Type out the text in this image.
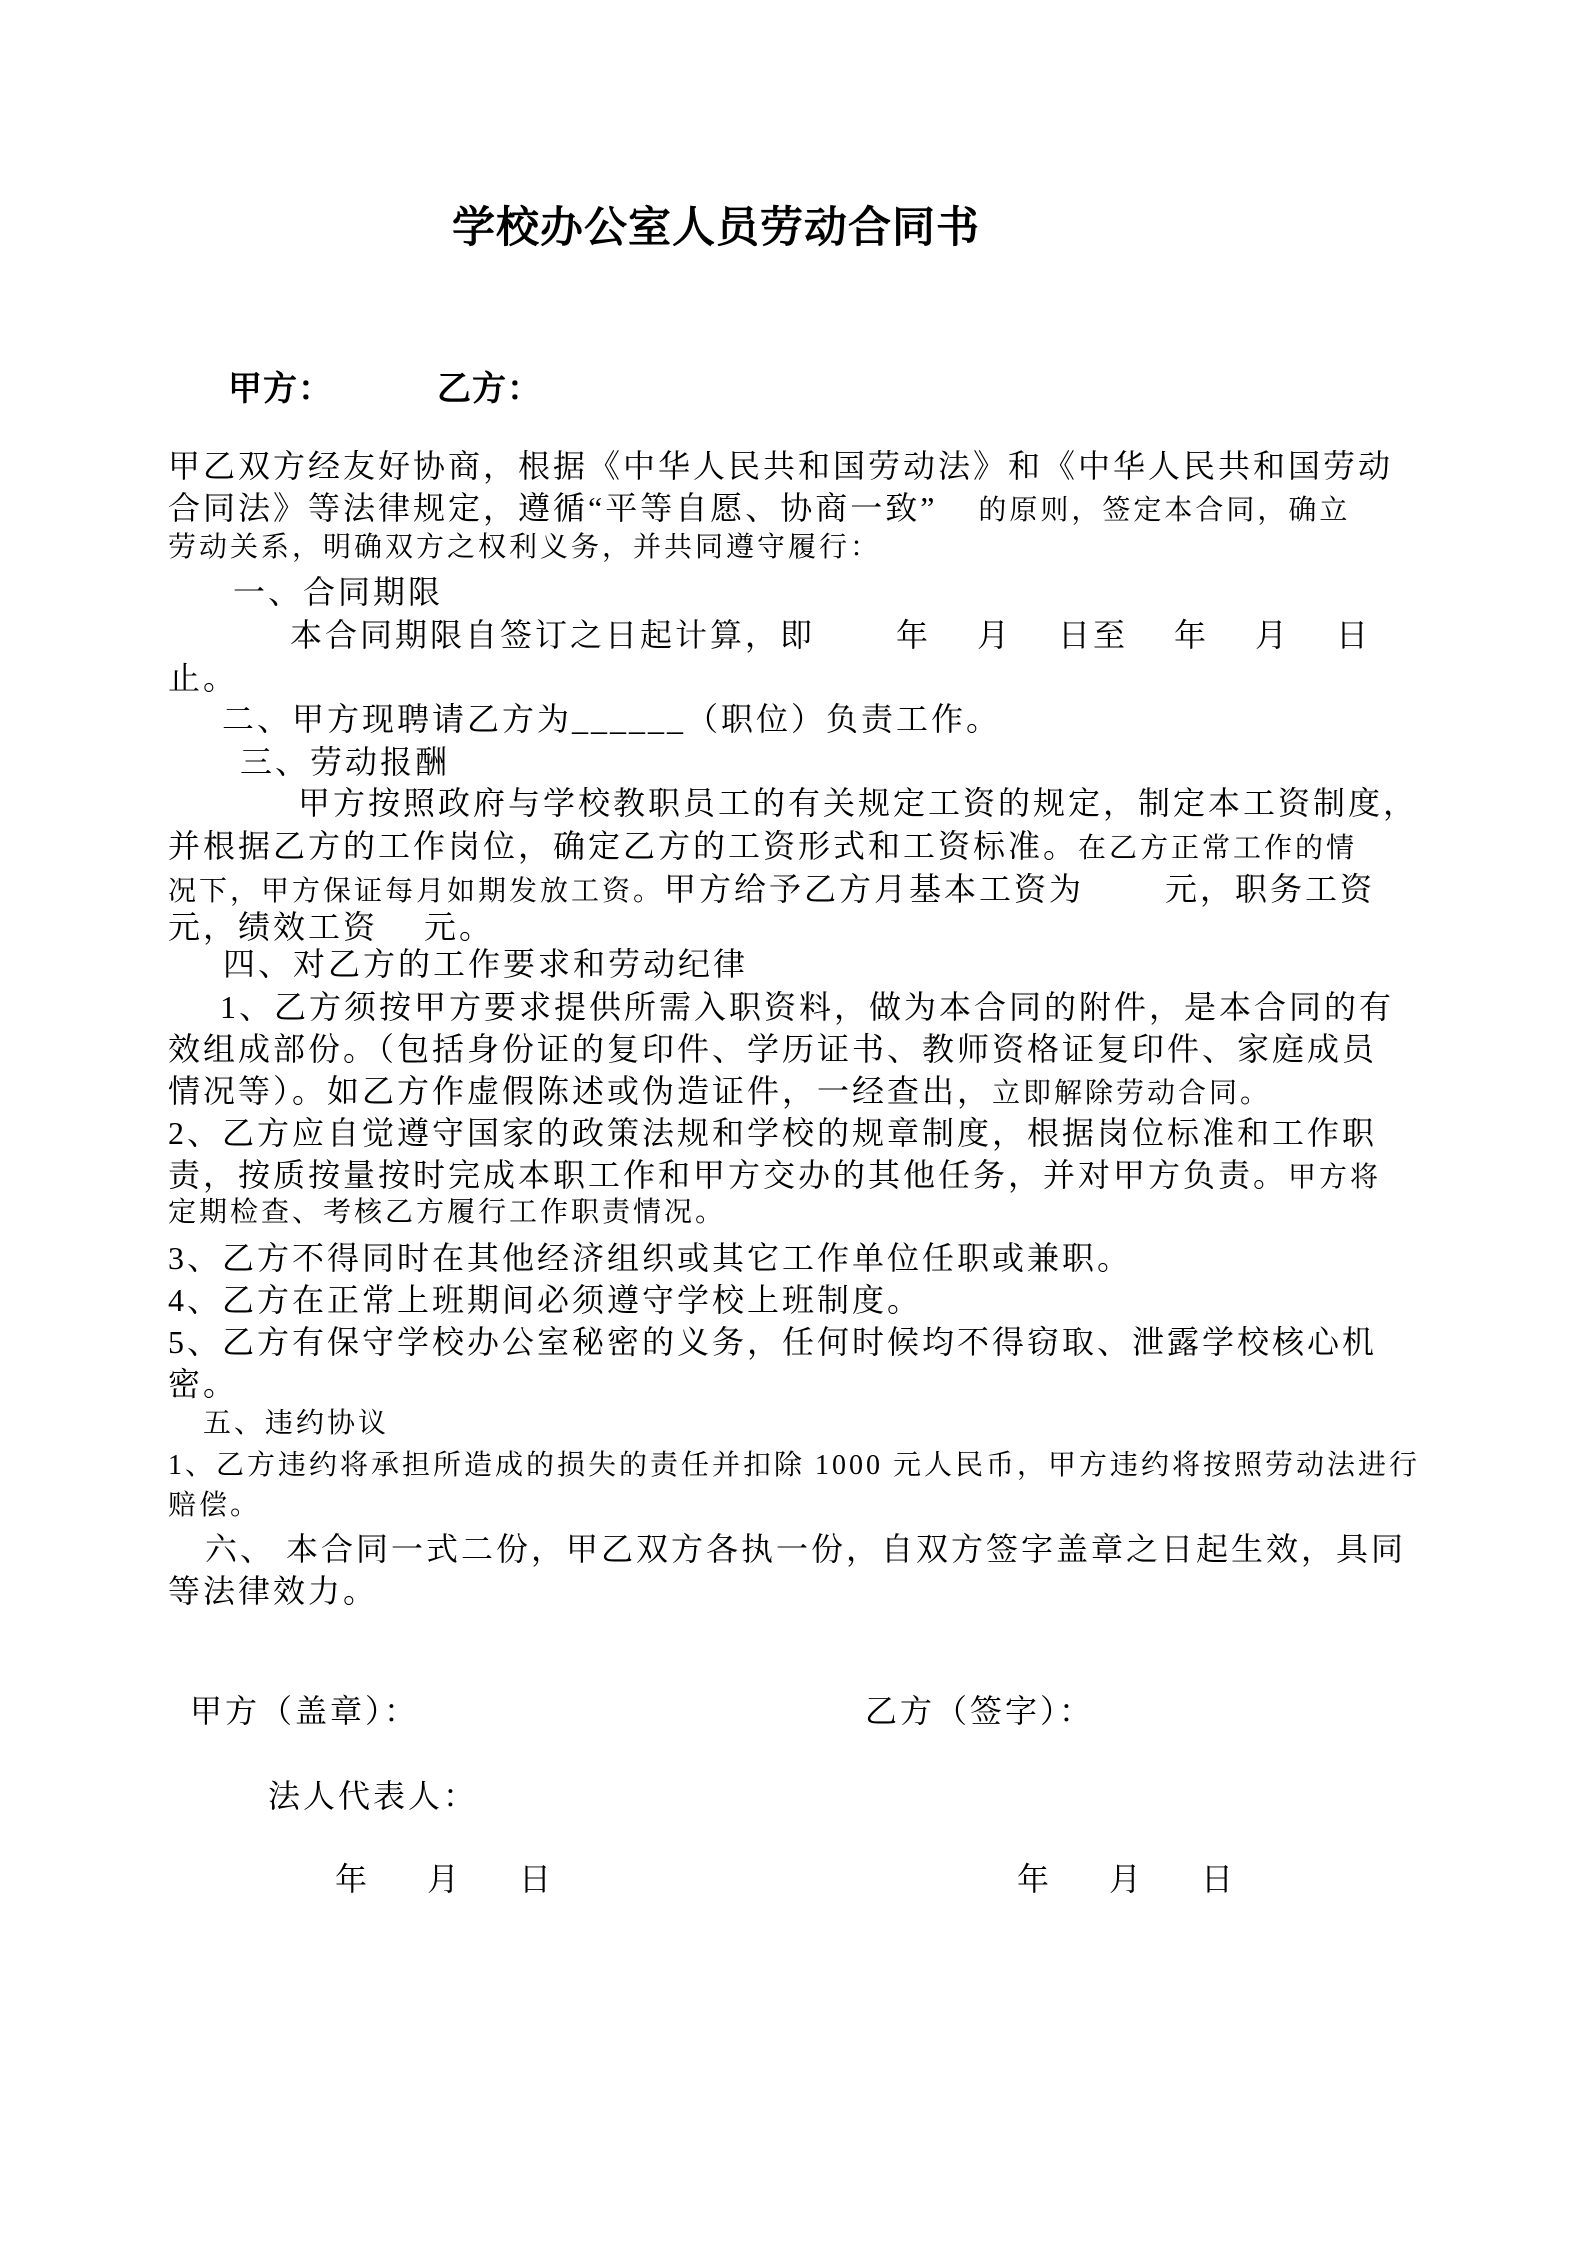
学校办公室人员劳动合同书
甲方：	乙方：
甲乙双方经友好协商，根据《中华人民共和国劳动法》和《中华人民共和国劳动
合同法》等法律规定，遵循“平等自愿、协商一致”　 的原则，签定本合同，确立
劳动关系，明确双方之权利义务，并共同遵守履行：
一、合同期限
本合同期限自签订之日起计算，即　　 年　 月　 日至　 年　 月　 日
止。
二、甲方现聘请乙方为______（职位）负责工作。
三、劳动报酬
甲方按照政府与学校教职员工的有关规定工资的规定，制定本工资制度，
并根据乙方的工作岗位，确定乙方的工资形式和工资标准。在乙方正常工作的情
况下，甲方保证每月如期发放工资。甲方给予乙方月基本工资为　　 元，职务工资
元，绩效工资　 元。
四、对乙方的工作要求和劳动纪律
1、乙方须按甲方要求提供所需入职资料，做为本合同的附件，是本合同的有
效组成部份。（包括身份证的复印件、学历证书、教师资格证复印件、家庭成员
情况等）。如乙方作虚假陈述或伪造证件，一经查出，立即解除劳动合同。
2、乙方应自觉遵守国家的政策法规和学校的规章制度，根据岗位标准和工作职
责，按质按量按时完成本职工作和甲方交办的其他任务，并对甲方负责。甲方将
定期检查、考核乙方履行工作职责情况。
3、乙方不得同时在其他经济组织或其它工作单位任职或兼职。
4、乙方在正常上班期间必须遵守学校上班制度。
5、乙方有保守学校办公室秘密的义务，任何时候均不得窃取、泄露学校核心机
密。
五、违约协议
1、乙方违约将承担所造成的损失的责任并扣除 1000 元人民币，甲方违约将按照劳动法进行
赔偿。
六、 本合同一式二份，甲乙双方各执一份，自双方签字盖章之日起生效，具同
等法律效力。
甲方（盖章）：	乙方（签字）：
法人代表人：
年　  月　  日	年　  月　  日
